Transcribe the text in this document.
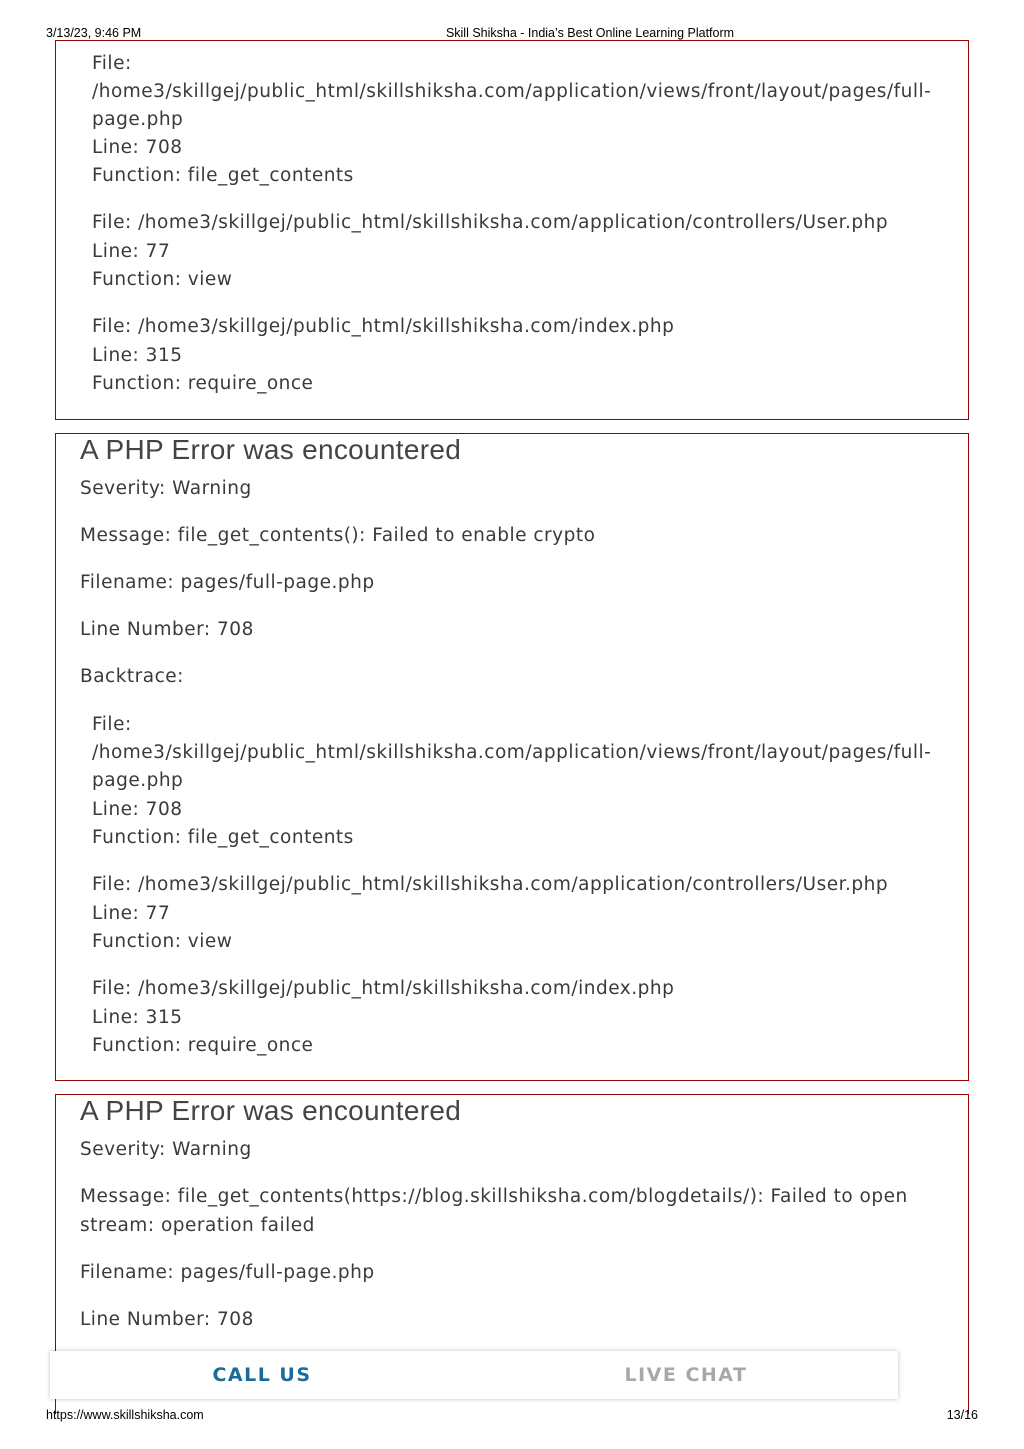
3/13/23, 9:46 PM	Skill Shiksha - India’s Best Online Learning Platform
File:
/home3/skillgej/public_html/skillshiksha.com/application/views/front/layout/pages/full-
page.php
Line: 708
Function: file_get_contents
File: /home3/skillgej/public_html/skillshiksha.com/application/controllers/User.php
Line: 77
Function: view
File: /home3/skillgej/public_html/skillshiksha.com/index.php
Line: 315
Function: require_once
A PHP Error was encountered
Severity: Warning
Message: file_get_contents(): Failed to enable crypto
Filename: pages/full-page.php
Line Number: 708
Backtrace:
File:
/home3/skillgej/public_html/skillshiksha.com/application/views/front/layout/pages/full-
page.php
Line: 708
Function: file_get_contents
File: /home3/skillgej/public_html/skillshiksha.com/application/controllers/User.php
Line: 77
Function: view
File: /home3/skillgej/public_html/skillshiksha.com/index.php
Line: 315
Function: require_once
A PHP Error was encountered
Severity: Warning
Message: file_get_contents(https://blog.skillshiksha.com/blogdetails/): Failed to open
stream: operation failed
Filename: pages/full-page.php
Line Number: 708
CALL US	LIVE CHAT
https://www.skillshiksha.com	13/16
